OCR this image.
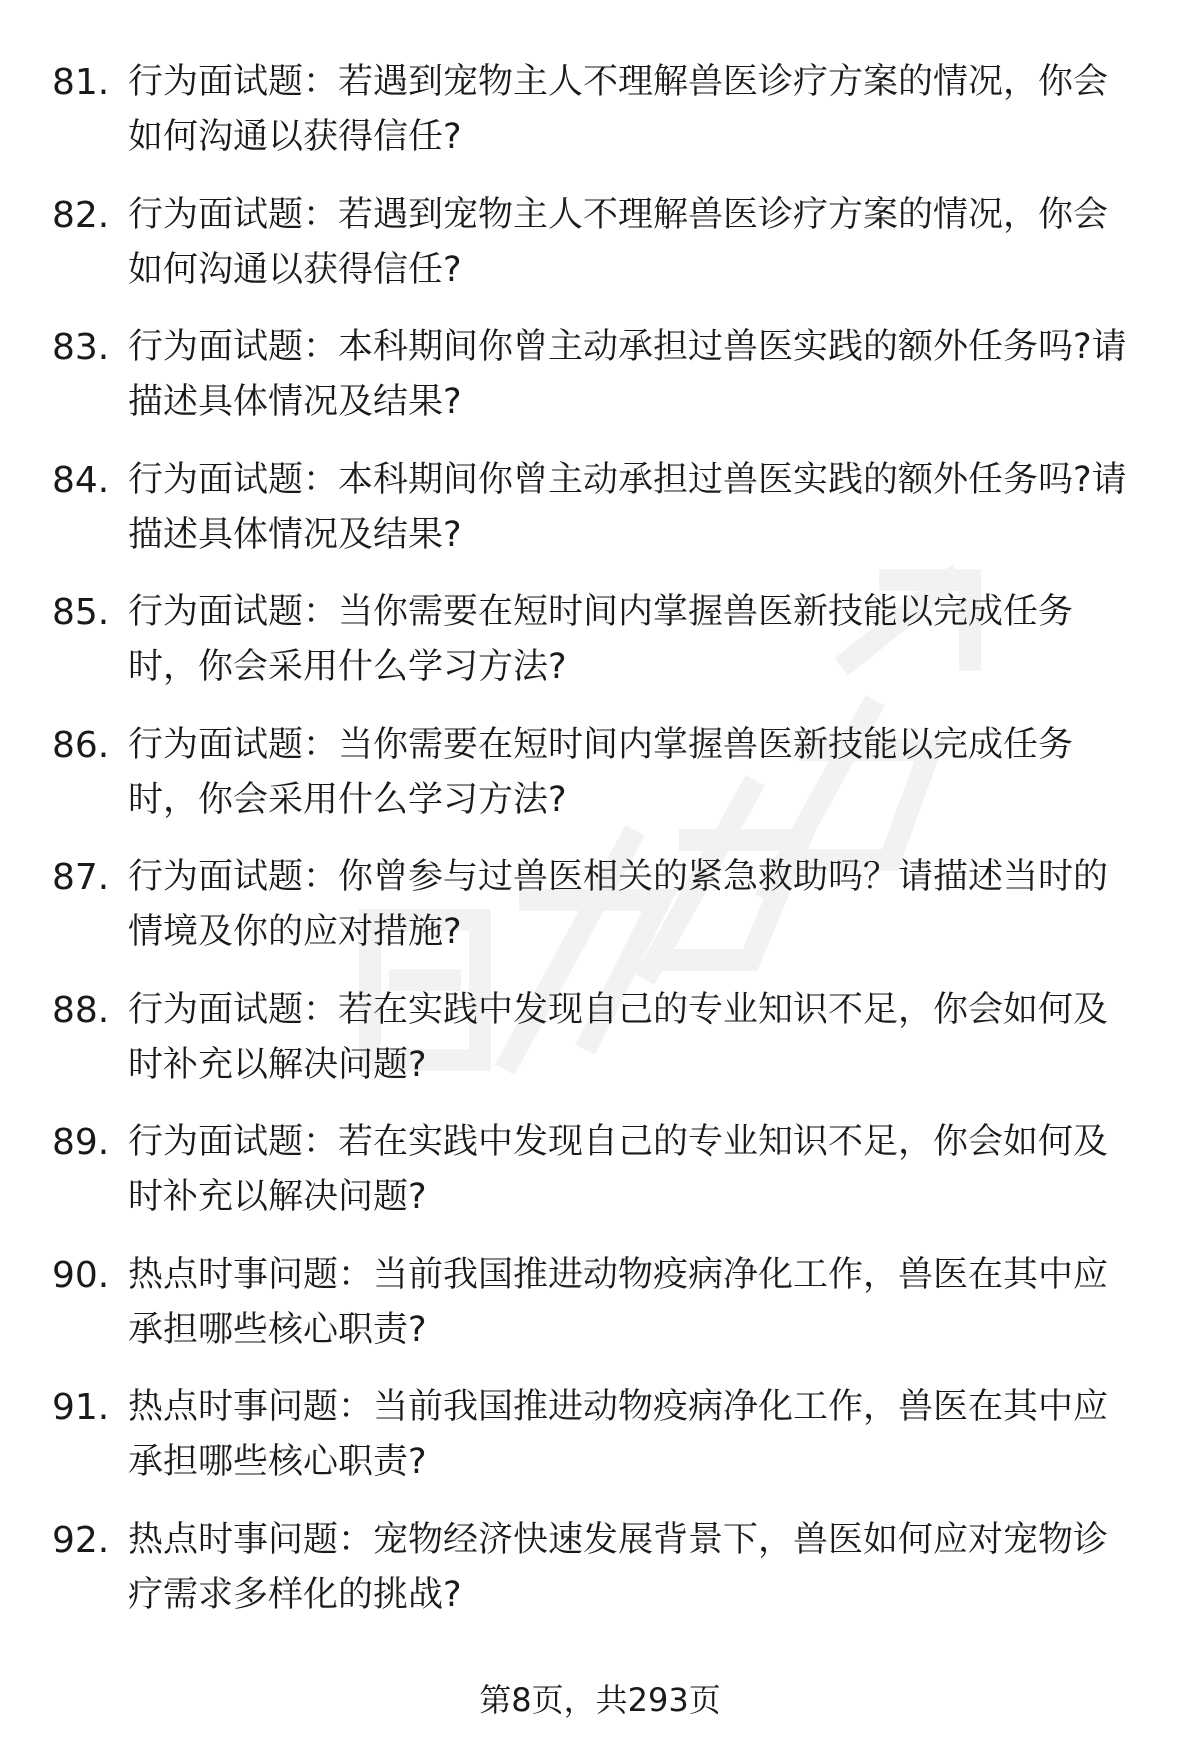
81. 行为面试题：若遇到宠物主人不理解兽医诊疗方案的情况，你会如何沟通以获得信任?
82. 行为面试题：若遇到宠物主人不理解兽医诊疗方案的情况，你会如何沟通以获得信任?
83. 行为面试题：本科期间你曾主动承担过兽医实践的额外任务吗?请描述具体情况及结果?
84. 行为面试题：本科期间你曾主动承担过兽医实践的额外任务吗?请描述具体情况及结果?
85. 行为面试题：当你需要在短时间内掌握兽医新技能以完成任务时，你会采用什么学习方法?
86. 行为面试题：当你需要在短时间内掌握兽医新技能以完成任务时，你会采用什么学习方法?
87. 行为面试题：你曾参与过兽医相关的紧急救助吗？请描述当时的情境及你的应对措施?
88. 行为面试题：若在实践中发现自己的专业知识不足，你会如何及时补充以解决问题?
89. 行为面试题：若在实践中发现自己的专业知识不足，你会如何及时补充以解决问题?
90. 热点时事问题：当前我国推进动物疫病净化工作，兽医在其中应承担哪些核心职责?
91. 热点时事问题：当前我国推进动物疫病净化工作，兽医在其中应承担哪些核心职责?
92. 热点时事问题：宠物经济快速发展背景下，兽医如何应对宠物诊疗需求多样化的挑战?
第8页，共293页
